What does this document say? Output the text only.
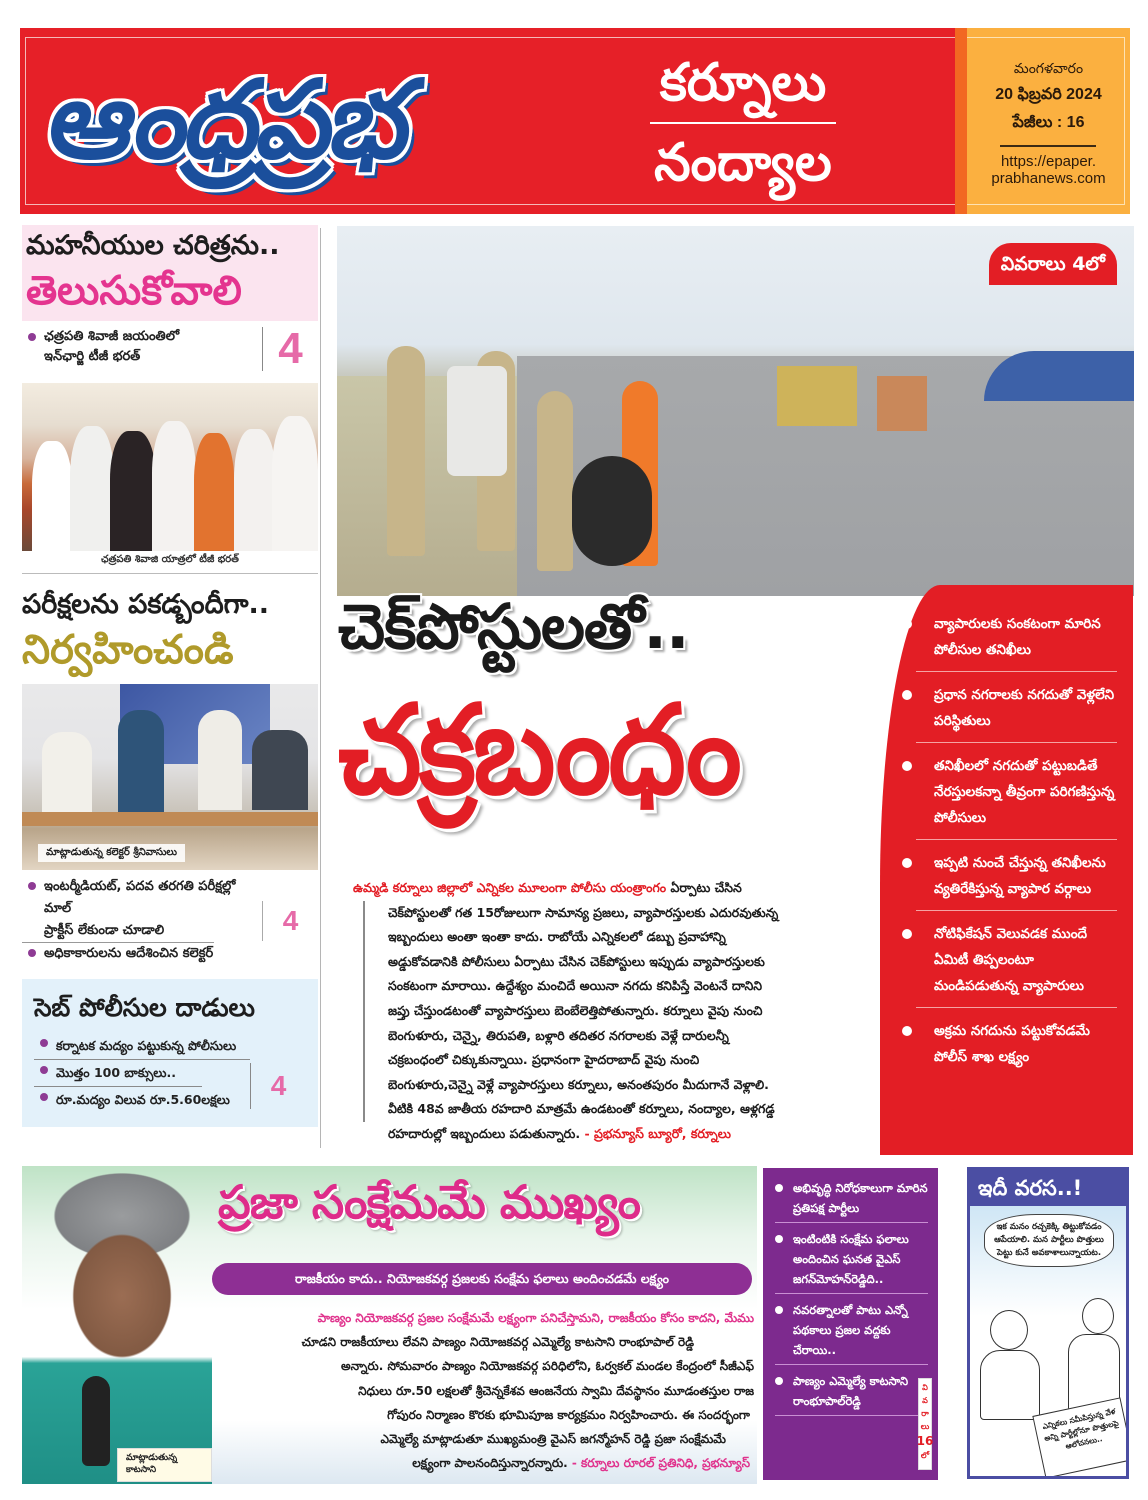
ఆంధ్రప్రభ	కర్నూలు
నంద్యాల
మంగళవారం
20 ఫిబ్రవరి 2024
పేజీలు : 16
https://epaper.
prabhanews.com
మహనీయుల చరిత్రను..
తెలుసుకోవాలి
ఛత్రపతి శివాజీ జయంతిలో
ఇన్‌ఛార్జి టీజీ భరత్	4
ఛత్రపతి శివాజి యాత్రలో టీజీ భరత్
పరీక్షలను పకడ్బందీగా..
నిర్వహించండి
మాట్లాడుతున్న కలెక్టర్ శ్రీనివాసులు
ఇంటర్మీడియట్, పదవ తరగతి పరీక్షల్లో మాల్
ప్రాక్టీస్ లేకుండా చూడాలి
అధికాకారులను ఆదేశించిన కలెక్టర్
4
సెబ్ పోలీసుల దాడులు
కర్నాటక మద్యం పట్టుకున్న పోలీసులు
మొత్తం 100 బాక్సులు..
రూ.మద్యం విలువ రూ.5.60లక్షలు	4
వివరాలు 4లో
చెక్‌పోస్టులతో..
చక్రబంధం
వ్యాపారులకు సంకటంగా మారిన పోలీసుల తనిఖీలు
ప్రధాన నగరాలకు నగదుతో వెళ్లలేని పరిస్థితులు
తనిఖీలలో నగదుతో పట్టుబడితే నేరస్తులకన్నా తీవ్రంగా పరిగణిస్తున్న పోలీసులు
ఇప్పటి నుంచే చేస్తున్న తనిఖీలను వ్యతిరేకిస్తున్న వ్యాపార వర్గాలు
నోటిఫికేషన్ వెలువడక ముందే ఏమిటీ తిప్పలంటూ మండిపడుతున్న వ్యాపారులు
అక్రమ నగదును పట్టుకోవడమే పోలీస్ శాఖ లక్ష్యం
ఉమ్మడి కర్నూలు జిల్లాలో ఎన్నికల మూలంగా పోలీసు యంత్రాంగం ఏర్పాటు చేసిన
చెక్‌పోస్టులతో గత 15రోజులుగా సామాన్య ప్రజలు, వ్యాపారస్తులకు ఎదురవుతున్న
ఇబ్బందులు అంతా ఇంతా కాదు. రాబోయే ఎన్నికలలో డబ్బు ప్రవాహాన్ని
అడ్డుకోవడానికి పోలీసులు ఏర్పాటు చేసిన చెక్‌పోస్టులు ఇప్పుడు వ్యాపారస్తులకు
సంకటంగా మారాయి. ఉద్దేశ్యం మంచిదే అయినా నగదు కనిపిస్తే వెంటనే దానిని
జప్తు చేస్తుండటంతో వ్యాపారస్తులు బెంబేలెత్తిపోతున్నారు. కర్నూలు వైపు నుంచి
బెంగుళూరు, చెన్నై, తిరుపతి, బళ్లారి తదితర నగరాలకు వెళ్లే దారులన్నీ
చక్రబంధంలో చిక్కుకున్నాయి. ప్రధానంగా హైదరాబాద్ వైపు నుంచి
బెంగుళూరు,చెన్నై వెళ్లే వ్యాపారస్తులు కర్నూలు, అనంతపురం మీదుగానే వెళ్లాలి.
వీటికి 48వ జాతీయ రహదారి మాత్రమే ఉండటంతో కర్నూలు, నంద్యాల, ఆళ్లగడ్డ
రహదారుల్లో ఇబ్బందులు పడుతున్నారు. - ప్రభన్యూస్ బ్యూరో, కర్నూలు
మాట్లాడుతున్న కాటసాని
ప్రజా సంక్షేమమే ముఖ్యం
రాజకీయం కాదు.. నియోజకవర్గ ప్రజలకు సంక్షేమ ఫలాలు అందించడమే లక్ష్యం
పాణ్యం నియోజకవర్గ ప్రజల సంక్షేమమే లక్ష్యంగా పనిచేస్తామని, రాజకీయం కోసం కాదని, మేము
చూడని రాజకీయాలు లేవని పాణ్యం నియోజకవర్గ ఎమ్మెల్యే కాటసాని రాంభూపాల్ రెడ్డి
అన్నారు. సోమవారం పాణ్యం నియోజకవర్గ పరిధిలోని, ఓర్వకల్ మండల కేంద్రంలో సీజీఎఫ్
నిధులు రూ.50 లక్షలతో శ్రీచెన్నకేశవ ఆంజనేయ స్వామి దేవస్థానం మూడంతస్తుల రాజ
గోపురం నిర్మాణం కొరకు భూమిపూజ కార్యక్రమం నిర్వహించారు. ఈ సందర్భంగా
ఎమ్మెల్యే మాట్లాడుతూ ముఖ్యమంత్రి వైఎస్ జగన్మోహన్ రెడ్డి ప్రజా సంక్షేమమే
లక్ష్యంగా పాలనందిస్తున్నారన్నారు. - కర్నూలు రూరల్ ప్రతినిధి, ప్రభన్యూస్
అభివృద్ధి నిరోధకాలుగా మారిన ప్రతిపక్ష పార్టీలు
ఇంటింటికి సంక్షేమ ఫలాలు అందించిన ఘనత వైఎస్ జగన్‌మోహన్‌రెడ్డిది..
నవరత్నాలతో పాటు ఎన్నో పథకాలు ప్రజల వద్దకు చేరాయి..
పాణ్యం ఎమ్మెల్యే కాటసాని రాంభూపాల్‌రెడ్డి
వి
వ
రా
లు
16
లో
ఇదీ వరస..!
ఇక మనం రచ్చకెక్కి తిట్టుకోవడం ఆపేయాలి. మన పార్టీలు పొత్తులు పెట్టు కునే అవకాశాలున్నాయట.
ఎన్నికలు సమీపిస్తున్న వేళ అన్ని పార్టీల్లోనూ పొత్తులపై ఆలోచనలు..
